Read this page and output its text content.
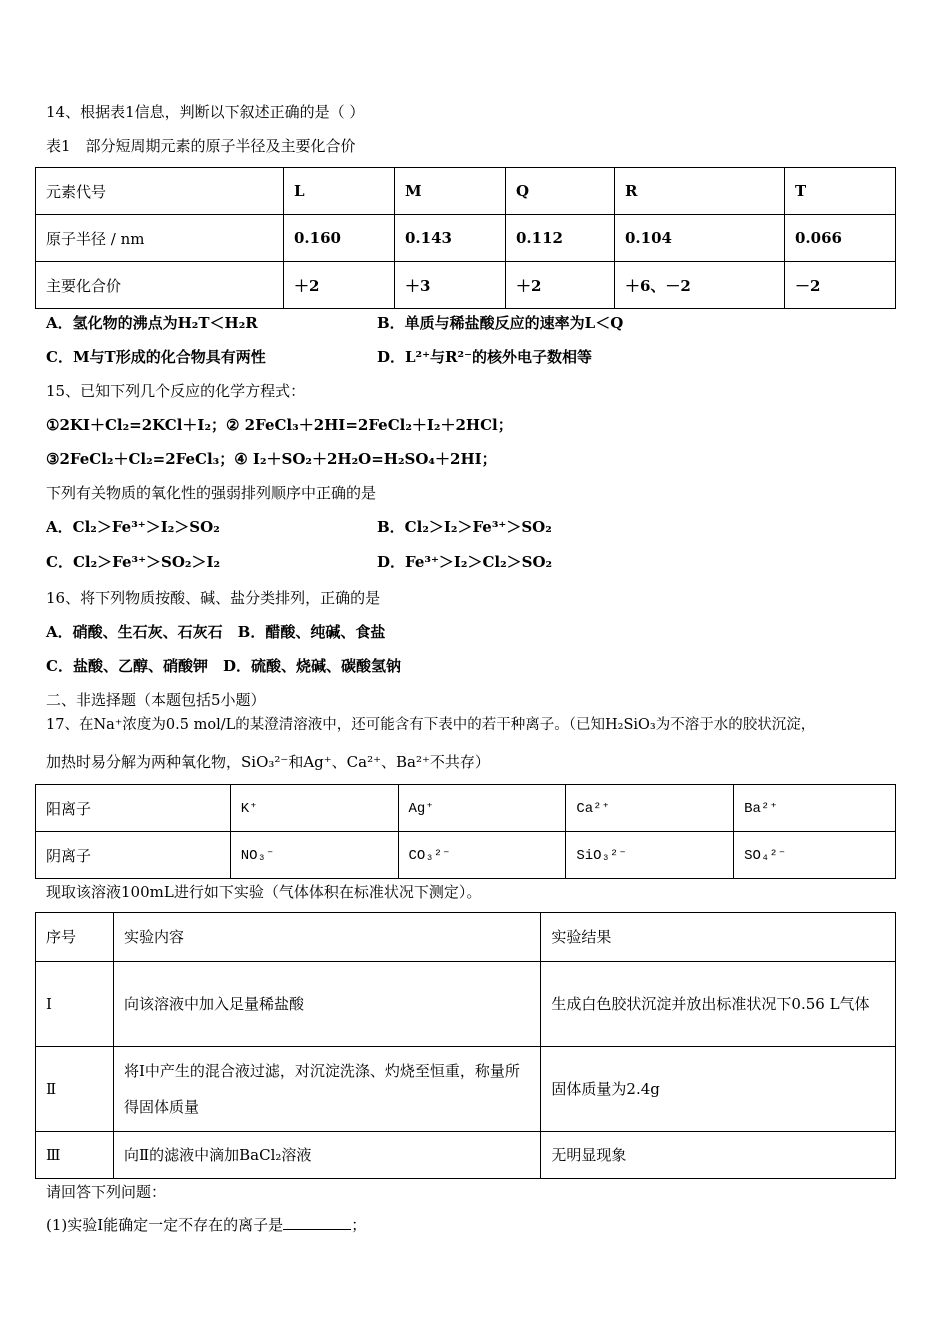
14、根据表1信息，判断以下叙述正确的是（ ）
表1　部分短周期元素的原子半径及主要化合价
元素代号	L	M	Q	R	T
原子半径 / nm	0.160	0.143	0.112	0.104	0.066
主要化合价	＋2	＋3	＋2	＋6、－2	－2
A．氢化物的沸点为H₂T＜H₂R	B．单质与稀盐酸反应的速率为L＜Q
C．M与T形成的化合物具有两性	D．L²⁺与R²⁻的核外电子数相等
15、已知下列几个反应的化学方程式：
①2KI＋Cl₂=2KCl＋I₂；② 2FeCl₃＋2HI=2FeCl₂＋I₂＋2HCl；
③2FeCl₂＋Cl₂=2FeCl₃；④ I₂＋SO₂＋2H₂O=H₂SO₄＋2HI；
下列有关物质的氧化性的强弱排列顺序中正确的是
A．Cl₂＞Fe³⁺＞I₂＞SO₂	B．Cl₂＞I₂＞Fe³⁺＞SO₂
C．Cl₂＞Fe³⁺＞SO₂＞I₂	D．Fe³⁺＞I₂＞Cl₂＞SO₂
16、将下列物质按酸、碱、盐分类排列，正确的是
A．硝酸、生石灰、石灰石　B．醋酸、纯碱、食盐
C．盐酸、乙醇、硝酸钾　D．硫酸、烧碱、碳酸氢钠
二、非选择题（本题包括5小题）
17、在Na⁺浓度为0.5 mol/L的某澄清溶液中，还可能含有下表中的若干种离子。（已知H₂SiO₃为不溶于水的胶状沉淀，
加热时易分解为两种氧化物，SiO₃²⁻和Ag⁺、Ca²⁺、Ba²⁺不共存）
阳离子	K⁺	Ag⁺	Ca²⁺	Ba²⁺
阴离子	NO₃⁻	CO₃²⁻	SiO₃²⁻	SO₄²⁻
现取该溶液100mL进行如下实验（气体体积在标准状况下测定）。
序号	实验内容	实验结果
Ⅰ	向该溶液中加入足量稀盐酸	生成白色胶状沉淀并放出标准状况下0.56 L气体
Ⅱ	将Ⅰ中产生的混合液过滤，对沉淀洗涤、灼烧至恒重，称量所得固体质量	固体质量为2.4g
Ⅲ	向Ⅱ的滤液中滴加BaCl₂溶液	无明显现象
请回答下列问题：
(1)实验Ⅰ能确定一定不存在的离子是	；
